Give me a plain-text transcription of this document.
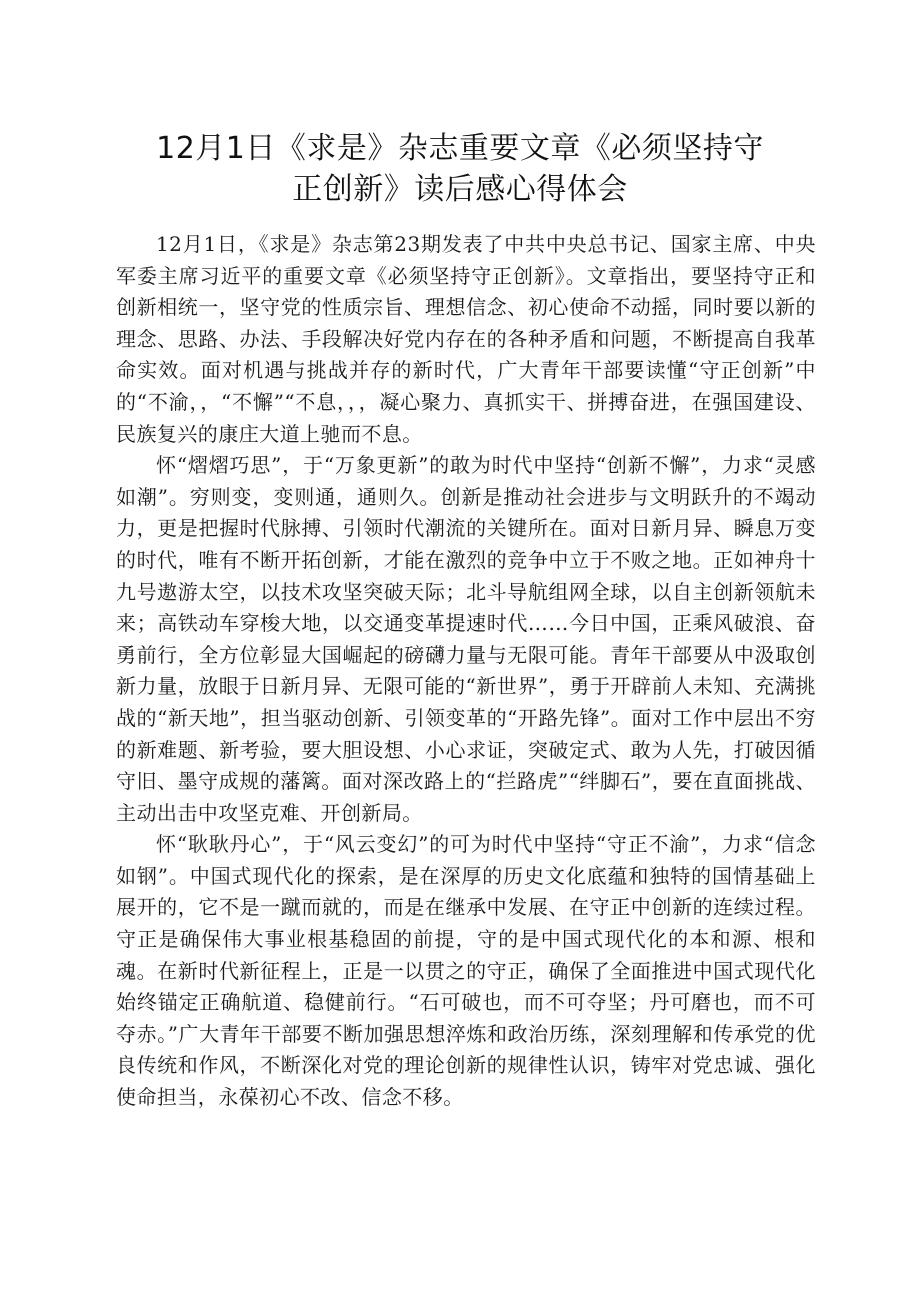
12月1日《求是》杂志重要文章《必须坚持守
正创新》读后感心得体会

12月1日，《求是》杂志第23期发表了中共中央总书记、国家主席、中央军委主席习近平的重要文章《必须坚持守正创新》。文章指出，要坚持守正和创新相统一，坚守党的性质宗旨、理想信念、初心使命不动摇，同时要以新的理念、思路、办法、手段解决好党内存在的各种矛盾和问题，不断提高自我革命实效。面对机遇与挑战并存的新时代，广大青年干部要读懂“守正创新”中的“不渝，，“不懈”“不息，，，凝心聚力、真抓实干、拼搏奋进，在强国建设、民族复兴的康庄大道上驰而不息。

怀“熠熠巧思”，于“万象更新”的敢为时代中坚持“创新不懈”，力求“灵感如潮”。穷则变，变则通，通则久。创新是推动社会进步与文明跃升的不竭动力，更是把握时代脉搏、引领时代潮流的关键所在。面对日新月异、瞬息万变的时代，唯有不断开拓创新，才能在激烈的竞争中立于不败之地。正如神舟十九号遨游太空，以技术攻坚突破天际；北斗导航组网全球，以自主创新领航未来；高铁动车穿梭大地，以交通变革提速时代……今日中国，正乘风破浪、奋勇前行，全方位彰显大国崛起的磅礴力量与无限可能。青年干部要从中汲取创新力量，放眼于日新月异、无限可能的“新世界”，勇于开辟前人未知、充满挑战的“新天地”，担当驱动创新、引领变革的“开路先锋”。面对工作中层出不穷的新难题、新考验，要大胆设想、小心求证，突破定式、敢为人先，打破因循守旧、墨守成规的藩篱。面对深改路上的“拦路虎”“绊脚石”，要在直面挑战、主动出击中攻坚克难、开创新局。

怀“耿耿丹心”，于“风云变幻”的可为时代中坚持“守正不渝”，力求“信念如钢”。中国式现代化的探索，是在深厚的历史文化底蕴和独特的国情基础上展开的，它不是一蹴而就的，而是在继承中发展、在守正中创新的连续过程。守正是确保伟大事业根基稳固的前提，守的是中国式现代化的本和源、根和魂。在新时代新征程上，正是一以贯之的守正，确保了全面推进中国式现代化始终锚定正确航道、稳健前行。“石可破也，而不可夺坚；丹可磨也，而不可夺赤。”广大青年干部要不断加强思想淬炼和政治历练，深刻理解和传承党的优良传统和作风，不断深化对党的理论创新的规律性认识，铸牢对党忠诚、强化使命担当，永葆初心不改、信念不移。
